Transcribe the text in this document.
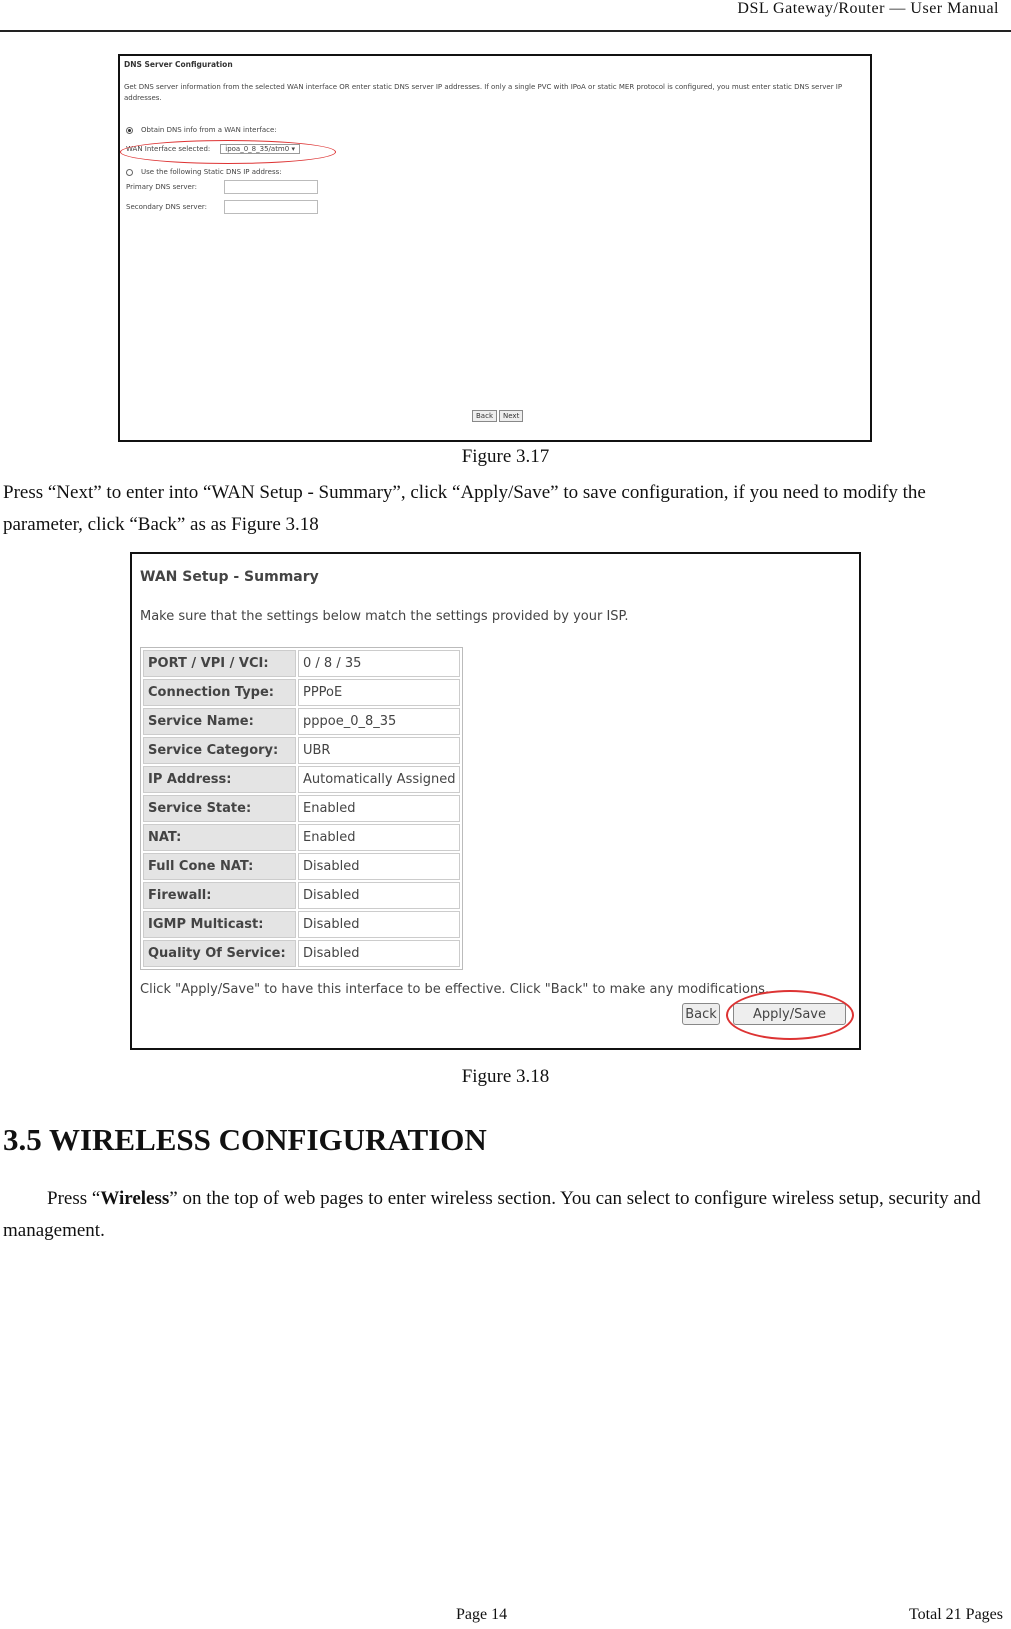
DSL Gateway/Router — User Manual
DNS Server Configuration
Get DNS server information from the selected WAN interface OR enter static DNS server IP addresses. If only a single PVC with IPoA or static MER protocol is configured, you must enter static DNS server IP addresses.
Obtain DNS info from a WAN interface:
WAN Interface selected:	ipoa_0_8_35/atm0 ▾
Use the following Static DNS IP address:
Primary DNS server:
Secondary DNS server:
Back	Next
Figure 3.17

Press “Next” to enter into “WAN Setup - Summary”, click “Apply/Save” to save configuration, if you need to modify the parameter, click “Back” as as Figure 3.18

WAN Setup - Summary
Make sure that the settings below match the settings provided by your ISP.
PORT / VPI / VCI:	0 / 8 / 35
Connection Type:	PPPoE
Service Name:	pppoe_0_8_35
Service Category:	UBR
IP Address:	Automatically Assigned
Service State:	Enabled
NAT:	Enabled
Full Cone NAT:	Disabled
Firewall:	Disabled
IGMP Multicast:	Disabled
Quality Of Service:	Disabled
Click "Apply/Save" to have this interface to be effective. Click "Back" to make any modifications.
Back	Apply/Save
Figure 3.18
3.5 WIRELESS CONFIGURATION

Press “Wireless” on the top of web pages to enter wireless section. You can select to configure wireless setup, security and management.

Page 14	Total 21 Pages
